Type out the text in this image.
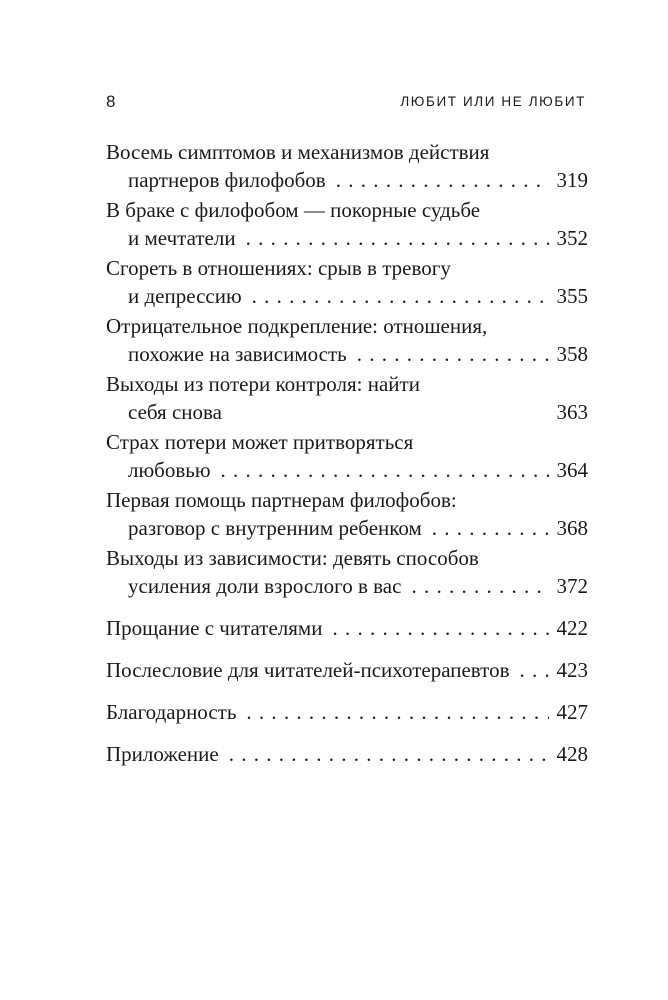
8	ЛЮБИТ ИЛИ НЕ ЛЮБИТ
Восемь симптомов и механизмов действия
партнеров филофобов . . .	319
В браке с филофобом — покорные судьбе
и мечтатели . . .	352
Сгореть в отношениях: срыв в тревогу
и депрессию . . .	355
Отрицательное подкрепление: отношения,
похожие на зависимость . . .	358
Выходы из потери контроля: найти
себя снова	363
Страх потери может притворяться
любовью . . .	364
Первая помощь партнерам филофобов:
разговор с внутренним ребенком . . .	368
Выходы из зависимости: девять способов
усиления доли взрослого в вас . . .	372
Прощание с читателями . . .	422
Послесловие для читателей-психотерапевтов . . . 423
Благодарность . . .	427
Приложение . . .	428
